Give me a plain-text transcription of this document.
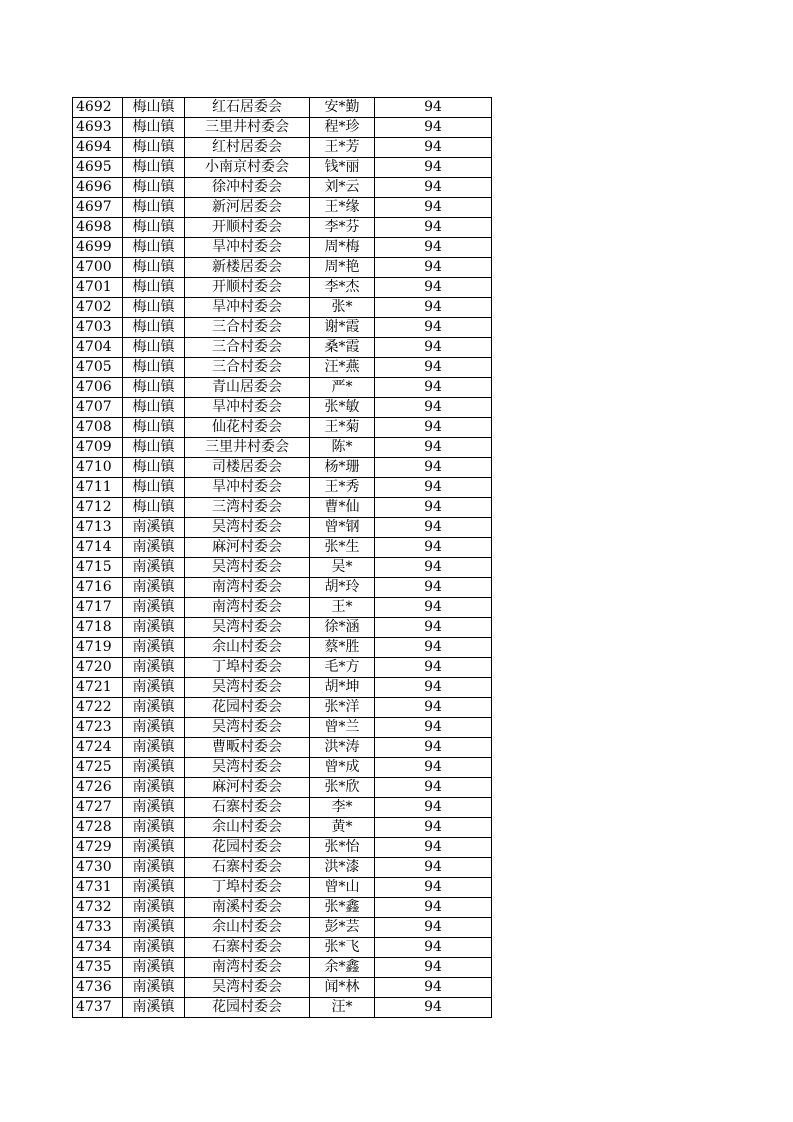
4692	梅山镇	红石居委会	安*勤	94
4693	梅山镇	三里井村委会	程*珍	94
4694	梅山镇	红村居委会	王*芳	94
4695	梅山镇	小南京村委会	钱*丽	94
4696	梅山镇	徐冲村委会	刘*云	94
4697	梅山镇	新河居委会	王*缘	94
4698	梅山镇	开顺村委会	李*芬	94
4699	梅山镇	旱冲村委会	周*梅	94
4700	梅山镇	新楼居委会	周*艳	94
4701	梅山镇	开顺村委会	李*杰	94
4702	梅山镇	旱冲村委会	张*	94
4703	梅山镇	三合村委会	谢*霞	94
4704	梅山镇	三合村委会	桑*霞	94
4705	梅山镇	三合村委会	汪*燕	94
4706	梅山镇	青山居委会	严*	94
4707	梅山镇	旱冲村委会	张*敏	94
4708	梅山镇	仙花村委会	王*菊	94
4709	梅山镇	三里井村委会	陈*	94
4710	梅山镇	司楼居委会	杨*珊	94
4711	梅山镇	旱冲村委会	王*秀	94
4712	梅山镇	三湾村委会	曹*仙	94
4713	南溪镇	吴湾村委会	曾*钢	94
4714	南溪镇	麻河村委会	张*生	94
4715	南溪镇	吴湾村委会	吴*	94
4716	南溪镇	南湾村委会	胡*玲	94
4717	南溪镇	南湾村委会	王*	94
4718	南溪镇	吴湾村委会	徐*涵	94
4719	南溪镇	余山村委会	蔡*胜	94
4720	南溪镇	丁埠村委会	毛*方	94
4721	南溪镇	吴湾村委会	胡*坤	94
4722	南溪镇	花园村委会	张*洋	94
4723	南溪镇	吴湾村委会	曾*兰	94
4724	南溪镇	曹畈村委会	洪*涛	94
4725	南溪镇	吴湾村委会	曾*成	94
4726	南溪镇	麻河村委会	张*欣	94
4727	南溪镇	石寨村委会	李*	94
4728	南溪镇	余山村委会	黄*	94
4729	南溪镇	花园村委会	张*怡	94
4730	南溪镇	石寨村委会	洪*漆	94
4731	南溪镇	丁埠村委会	曾*山	94
4732	南溪镇	南溪村委会	张*鑫	94
4733	南溪镇	余山村委会	彭*芸	94
4734	南溪镇	石寨村委会	张*飞	94
4735	南溪镇	南湾村委会	余*鑫	94
4736	南溪镇	吴湾村委会	闻*林	94
4737	南溪镇	花园村委会	汪*	94
